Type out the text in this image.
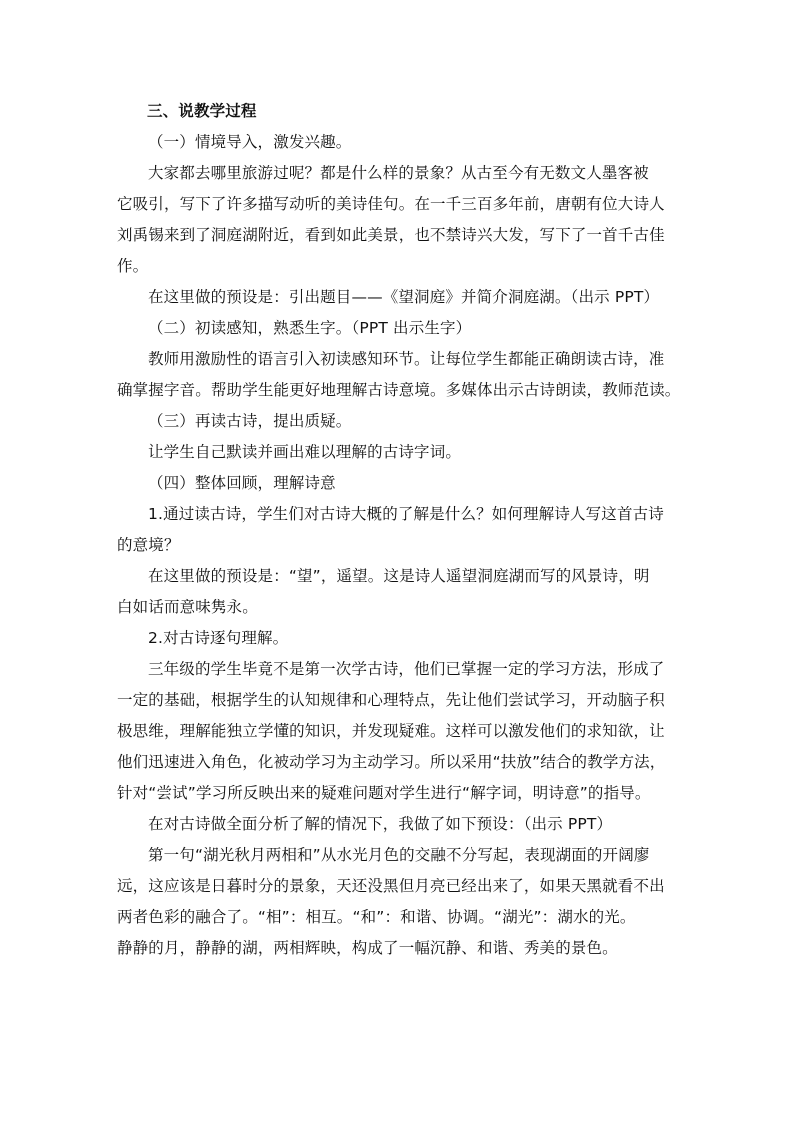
三、说教学过程
（一）情境导入，激发兴趣。
大家都去哪里旅游过呢？都是什么样的景象？从古至今有无数文人墨客被
它吸引，写下了许多描写动听的美诗佳句。在一千三百多年前，唐朝有位大诗人
刘禹锡来到了洞庭湖附近，看到如此美景，也不禁诗兴大发，写下了一首千古佳
作。
在这里做的预设是：引出题目——《望洞庭》并简介洞庭湖。（出示 PPT）
（二）初读感知，熟悉生字。（PPT 出示生字）
教师用激励性的语言引入初读感知环节。让每位学生都能正确朗读古诗，准
确掌握字音。帮助学生能更好地理解古诗意境。多媒体出示古诗朗读，教师范读。
（三）再读古诗，提出质疑。
让学生自己默读并画出难以理解的古诗字词。
（四）整体回顾，理解诗意
1.通过读古诗，学生们对古诗大概的了解是什么？如何理解诗人写这首古诗
的意境？
在这里做的预设是：“望”，遥望。这是诗人遥望洞庭湖而写的风景诗，明
白如话而意味隽永。
2.对古诗逐句理解。
三年级的学生毕竟不是第一次学古诗，他们已掌握一定的学习方法，形成了
一定的基础，根据学生的认知规律和心理特点，先让他们尝试学习，开动脑子积
极思维，理解能独立学懂的知识，并发现疑难。这样可以激发他们的求知欲，让
他们迅速进入角色，化被动学习为主动学习。所以采用“扶放”结合的教学方法，
针对“尝试”学习所反映出来的疑难问题对学生进行“解字词，明诗意”的指导。
在对古诗做全面分析了解的情况下，我做了如下预设：（出示 PPT）
第一句“湖光秋月两相和”从水光月色的交融不分写起，表现湖面的开阔廖
远，这应该是日暮时分的景象，天还没黑但月亮已经出来了，如果天黑就看不出
两者色彩的融合了。“相”：相互。“和”：和谐、协调。“湖光”：湖水的光。
静静的月，静静的湖，两相辉映，构成了一幅沉静、和谐、秀美的景色。
